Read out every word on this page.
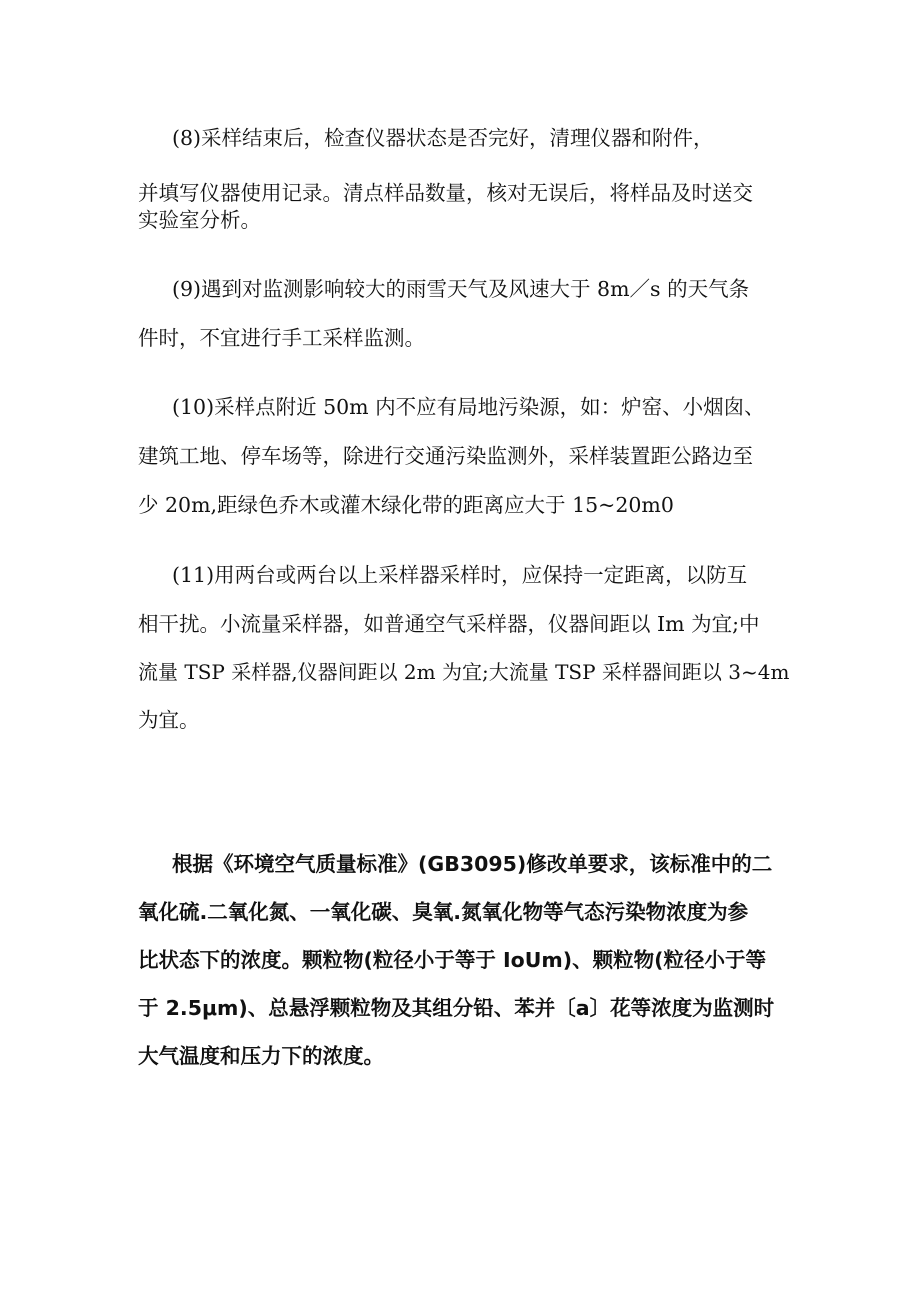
(8)采样结束后，检查仪器状态是否完好，清理仪器和附件，
并填写仪器使用记录。清点样品数量，核对无误后，将样品及时送交
实验室分析。
(9)遇到对监测影响较大的雨雪天气及风速大于 8m／s 的天气条
件时，不宜进行手工采样监测。
(10)采样点附近 50m 内不应有局地污染源，如：炉窑、小烟囱、
建筑工地、停车场等，除进行交通污染监测外，采样装置距公路边至
少 20m,距绿色乔木或灌木绿化带的距离应大于 15~20m0
(11)用两台或两台以上采样器采样时，应保持一定距离，以防互
相干扰。小流量采样器，如普通空气采样器，仪器间距以 Im 为宜;中
流量 TSP 采样器,仪器间距以 2m 为宜;大流量 TSP 采样器间距以 3~4m
为宜。
根据《环境空气质量标准》(GB3095)修改单要求，该标准中的二
氧化硫.二氧化氮、一氧化碳、臭氧.氮氧化物等气态污染物浓度为参
比状态下的浓度。颗粒物(粒径小于等于 IoUm)、颗粒物(粒径小于等
于 2.5μm)、总悬浮颗粒物及其组分铅、苯并〔a〕花等浓度为监测时
大气温度和压力下的浓度。
